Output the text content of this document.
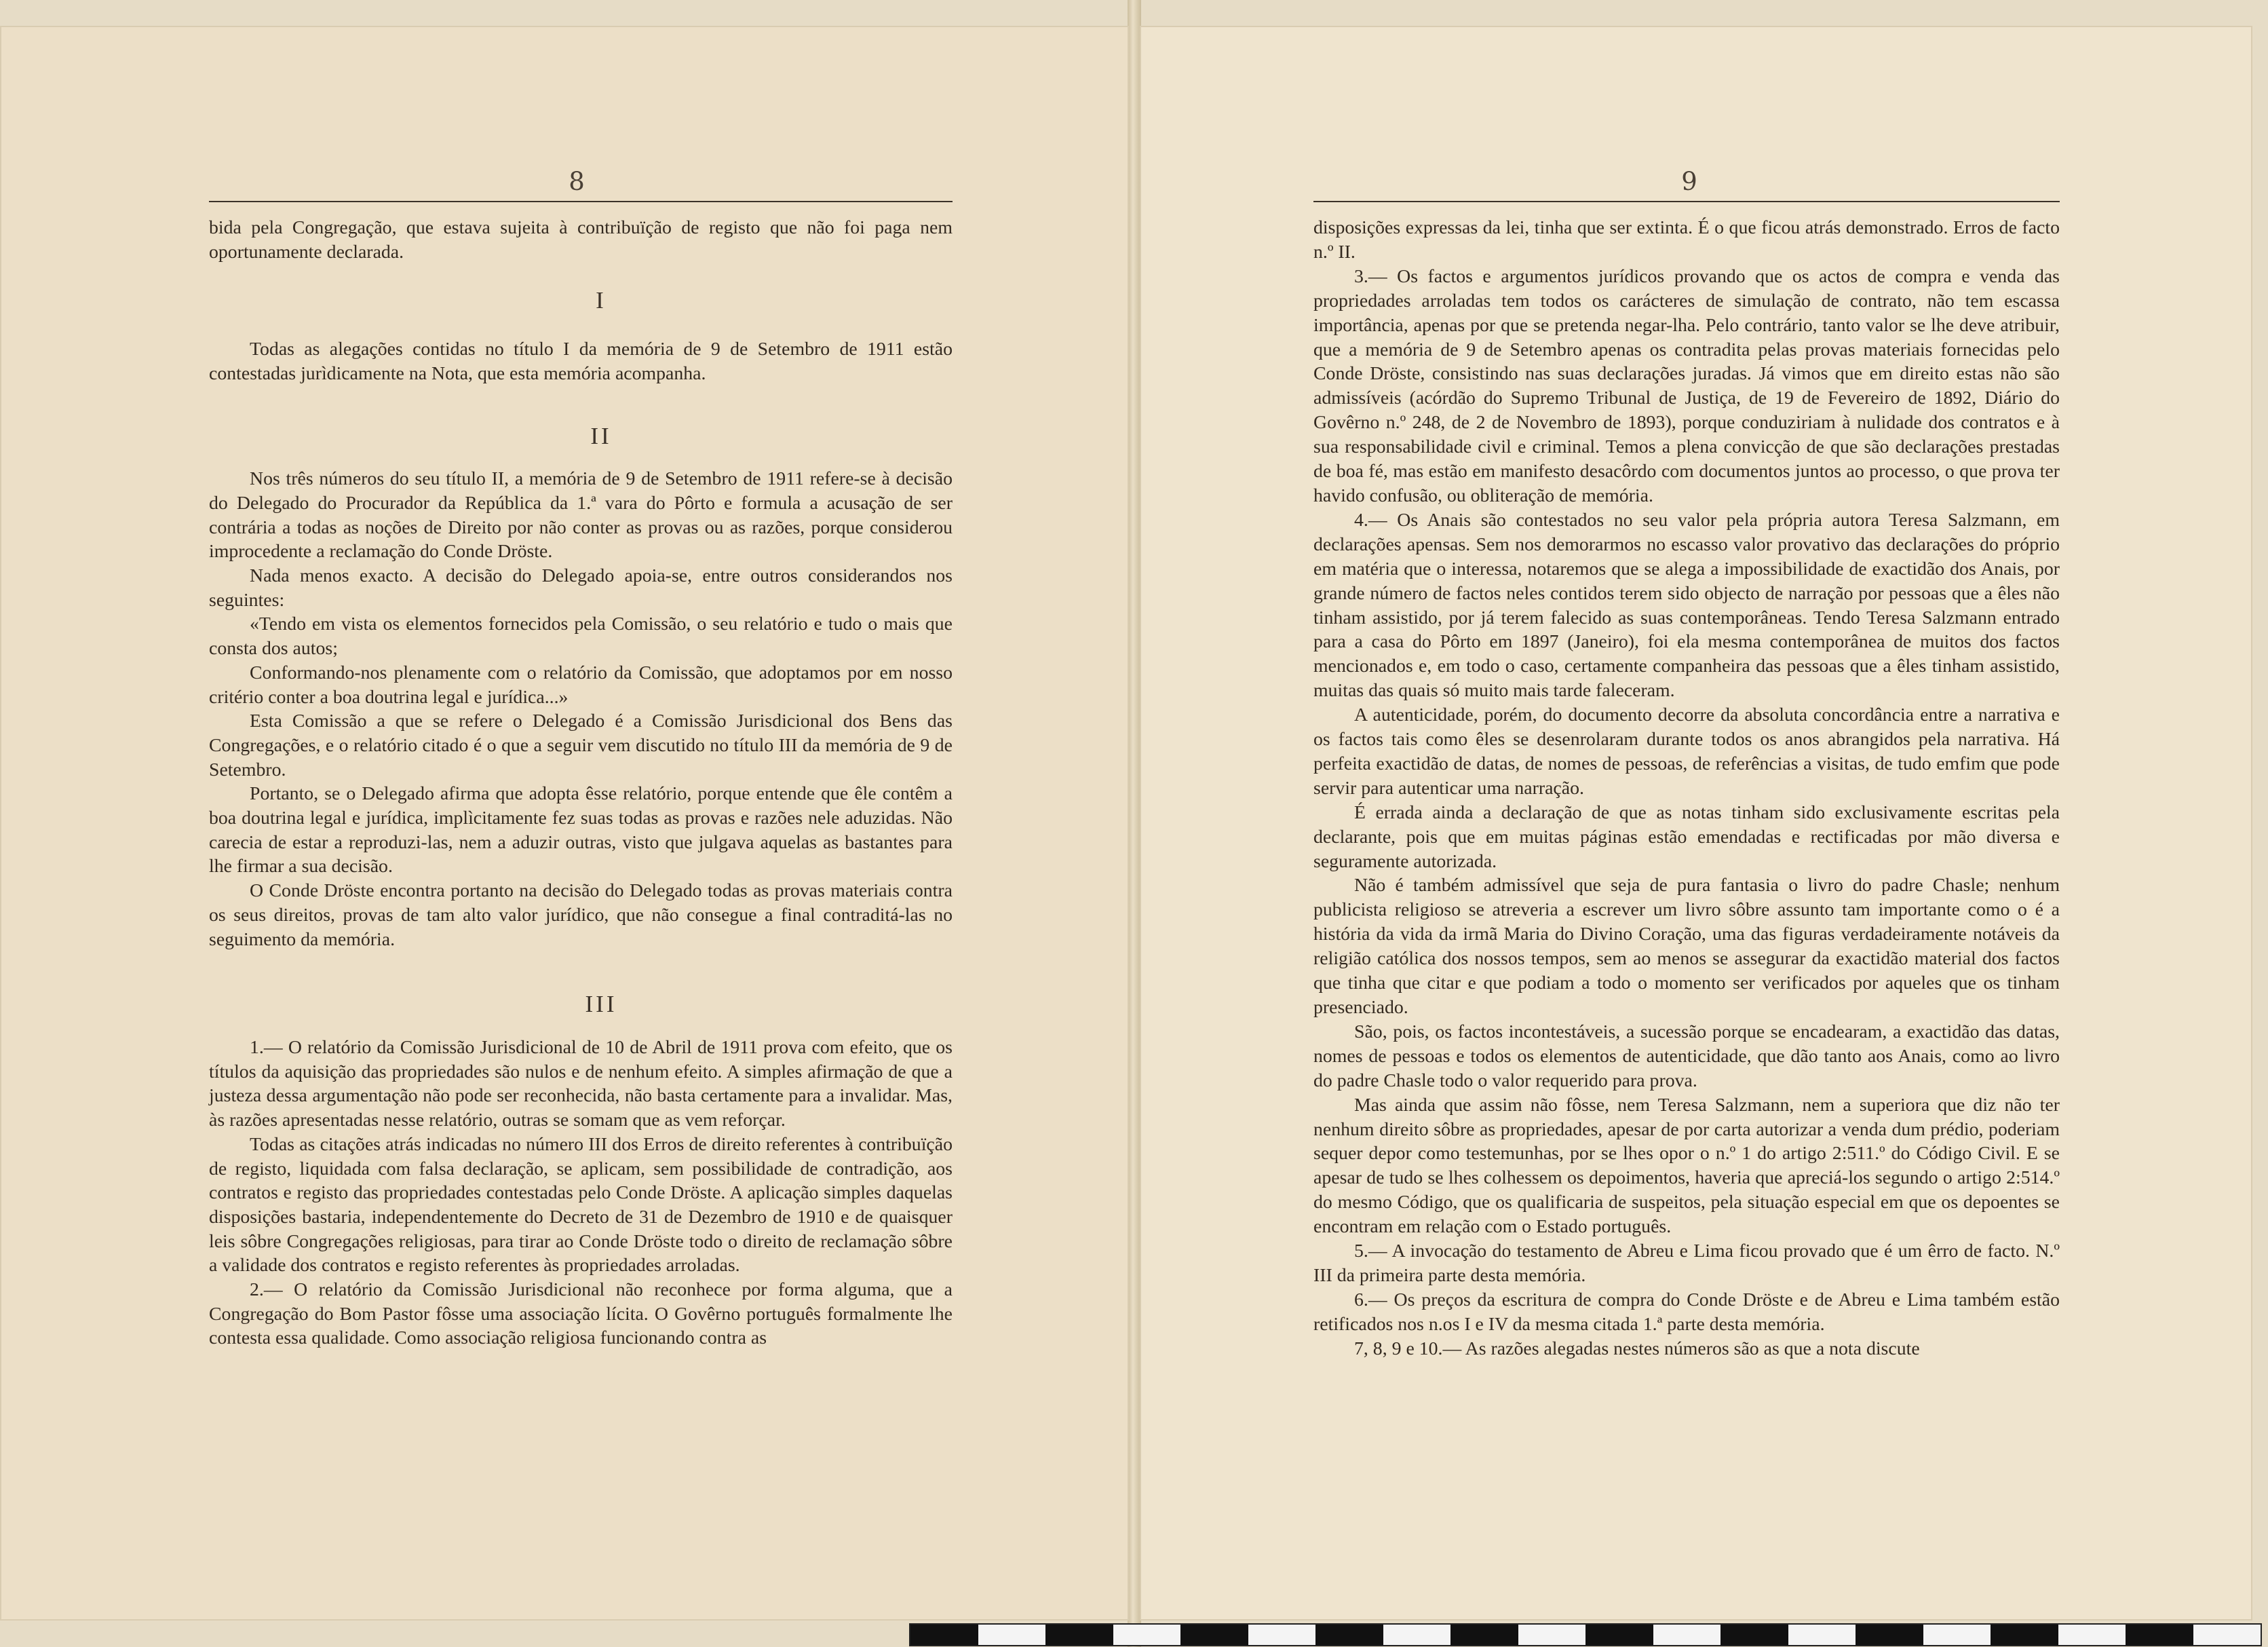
8

bida pela Congregação, que estava sujeita à contribuïção de registo que não foi paga nem oportunamente declarada.

I

Todas as alegações contidas no título I da memória de 9 de Setembro de 1911 estão contestadas jurìdicamente na Nota, que esta memória acompanha.

II

Nos três números do seu título II, a memória de 9 de Setembro de 1911 refere-se à decisão do Delegado do Procurador da República da 1.ª vara do Pôrto e formula a acusação de ser contrária a todas as noções de Direito por não conter as provas ou as razões, porque considerou improcedente a reclamação do Conde Dröste.

Nada menos exacto. A decisão do Delegado apoia-se, entre outros considerandos nos seguintes:

«Tendo em vista os elementos fornecidos pela Comissão, o seu relatório e tudo o mais que consta dos autos;

Conformando-nos plenamente com o relatório da Comissão, que adoptamos por em nosso critério conter a boa doutrina legal e jurídica...»

Esta Comissão a que se refere o Delegado é a Comissão Jurisdicional dos Bens das Congregações, e o relatório citado é o que a seguir vem discutido no título III da memória de 9 de Setembro.

Portanto, se o Delegado afirma que adopta êsse relatório, porque entende que êle contêm a boa doutrina legal e jurídica, implìcitamente fez suas todas as provas e razões nele aduzidas. Não carecia de estar a reproduzi-las, nem a aduzir outras, visto que julgava aquelas as bastantes para lhe firmar a sua decisão.

O Conde Dröste encontra portanto na decisão do Delegado todas as provas materiais contra os seus direitos, provas de tam alto valor jurídico, que não consegue a final contraditá-las no seguimento da memória.

III

1.— O relatório da Comissão Jurisdicional de 10 de Abril de 1911 prova com efeito, que os títulos da aquisição das propriedades são nulos e de nenhum efeito. A simples afirmação de que a justeza dessa argumentação não pode ser reconhecida, não basta certamente para a invalidar. Mas, às razões apresentadas nesse relatório, outras se somam que as vem reforçar.

Todas as citações atrás indicadas no número III dos Erros de direito referentes à contribuïção de registo, liquidada com falsa declaração, se aplicam, sem possibilidade de contradição, aos contratos e registo das propriedades contestadas pelo Conde Dröste. A aplicação simples daquelas disposições bastaria, independentemente do Decreto de 31 de Dezembro de 1910 e de quaisquer leis sôbre Congregações religiosas, para tirar ao Conde Dröste todo o direito de reclamação sôbre a validade dos contratos e registo referentes às propriedades arroladas.

2.— O relatório da Comissão Jurisdicional não reconhece por forma alguma, que a Congregação do Bom Pastor fôsse uma associação lícita. O Govêrno português formalmente lhe contesta essa qualidade. Como associação religiosa funcionando contra as

9

disposições expressas da lei, tinha que ser extinta. É o que ficou atrás demonstrado. Erros de facto n.º II.

3.— Os factos e argumentos jurídicos provando que os actos de compra e venda das propriedades arroladas tem todos os carácteres de simulação de contrato, não tem escassa importância, apenas por que se pretenda negar-lha. Pelo contrário, tanto valor se lhe deve atribuir, que a memória de 9 de Setembro apenas os contradita pelas provas materiais fornecidas pelo Conde Dröste, consistindo nas suas declarações juradas. Já vimos que em direito estas não são admissíveis (acórdão do Supremo Tribunal de Justiça, de 19 de Fevereiro de 1892, Diário do Govêrno n.º 248, de 2 de Novembro de 1893), porque conduziriam à nulidade dos contratos e à sua responsabilidade civil e criminal. Temos a plena convicção de que são declarações prestadas de boa fé, mas estão em manifesto desacôrdo com documentos juntos ao processo, o que prova ter havido confusão, ou obliteração de memória.

4.— Os Anais são contestados no seu valor pela própria autora Teresa Salzmann, em declarações apensas. Sem nos demorarmos no escasso valor provativo das declarações do próprio em matéria que o interessa, notaremos que se alega a impossibilidade de exactidão dos Anais, por grande número de factos neles contidos terem sido objecto de narração por pessoas que a êles não tinham assistido, por já terem falecido as suas contemporâneas. Tendo Teresa Salzmann entrado para a casa do Pôrto em 1897 (Janeiro), foi ela mesma contemporânea de muitos dos factos mencionados e, em todo o caso, certamente companheira das pessoas que a êles tinham assistido, muitas das quais só muito mais tarde faleceram.

A autenticidade, porém, do documento decorre da absoluta concordância entre a narrativa e os factos tais como êles se desenrolaram durante todos os anos abrangidos pela narrativa. Há perfeita exactidão de datas, de nomes de pessoas, de referências a visitas, de tudo emfim que pode servir para autenticar uma narração.

É errada ainda a declaração de que as notas tinham sido exclusivamente escritas pela declarante, pois que em muitas páginas estão emendadas e rectificadas por mão diversa e seguramente autorizada.

Não é também admissível que seja de pura fantasia o livro do padre Chasle; nenhum publicista religioso se atreveria a escrever um livro sôbre assunto tam importante como o é a história da vida da irmã Maria do Divino Coração, uma das figuras verdadeiramente notáveis da religião católica dos nossos tempos, sem ao menos se assegurar da exactidão material dos factos que tinha que citar e que podiam a todo o momento ser verificados por aqueles que os tinham presenciado.

São, pois, os factos incontestáveis, a sucessão porque se encadearam, a exactidão das datas, nomes de pessoas e todos os elementos de autenticidade, que dão tanto aos Anais, como ao livro do padre Chasle todo o valor requerido para prova.

Mas ainda que assim não fôsse, nem Teresa Salzmann, nem a superiora que diz não ter nenhum direito sôbre as propriedades, apesar de por carta autorizar a venda dum prédio, poderiam sequer depor como testemunhas, por se lhes opor o n.º 1 do artigo 2:511.º do Código Civil. E se apesar de tudo se lhes colhessem os depoimentos, haveria que apreciá-los segundo o artigo 2:514.º do mesmo Código, que os qualificaria de suspeitos, pela situação especial em que os depoentes se encontram em relação com o Estado português.

5.— A invocação do testamento de Abreu e Lima ficou provado que é um êrro de facto. N.º III da primeira parte desta memória.

6.— Os preços da escritura de compra do Conde Dröste e de Abreu e Lima também estão retificados nos n.os I e IV da mesma citada 1.ª parte desta memória.

7, 8, 9 e 10.— As razões alegadas nestes números são as que a nota discute
